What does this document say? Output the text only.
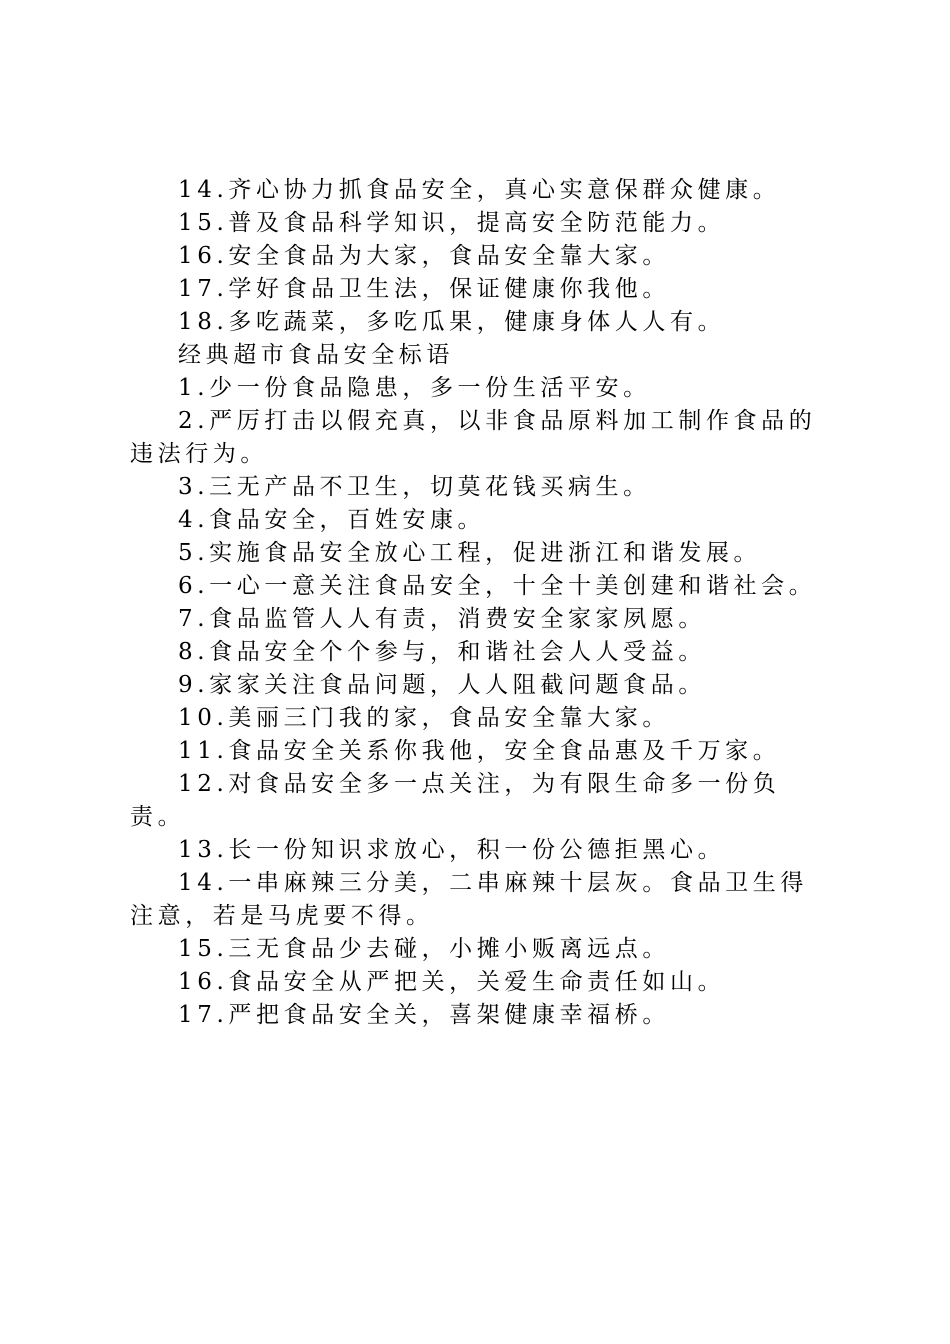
14.齐心协力抓食品安全，真心实意保群众健康。

15.普及食品科学知识，提高安全防范能力。

16.安全食品为大家，食品安全靠大家。

17.学好食品卫生法，保证健康你我他。

18.多吃蔬菜，多吃瓜果，健康身体人人有。

经典超市食品安全标语

1.少一份食品隐患，多一份生活平安。

2.严厉打击以假充真，以非食品原料加工制作食品的违法行为。

3.三无产品不卫生，切莫花钱买病生。

4.食品安全，百姓安康。

5.实施食品安全放心工程，促进浙江和谐发展。

6.一心一意关注食品安全，十全十美创建和谐社会。

7.食品监管人人有责，消费安全家家夙愿。

8.食品安全个个参与，和谐社会人人受益。

9.家家关注食品问题，人人阻截问题食品。

10.美丽三门我的家，食品安全靠大家。

11.食品安全关系你我他，安全食品惠及千万家。

12.对食品安全多一点关注，为有限生命多一份负责。

13.长一份知识求放心，积一份公德拒黑心。

14.一串麻辣三分美，二串麻辣十层灰。食品卫生得注意，若是马虎要不得。

15.三无食品少去碰，小摊小贩离远点。

16.食品安全从严把关，关爱生命责任如山。

17.严把食品安全关，喜架健康幸福桥。
